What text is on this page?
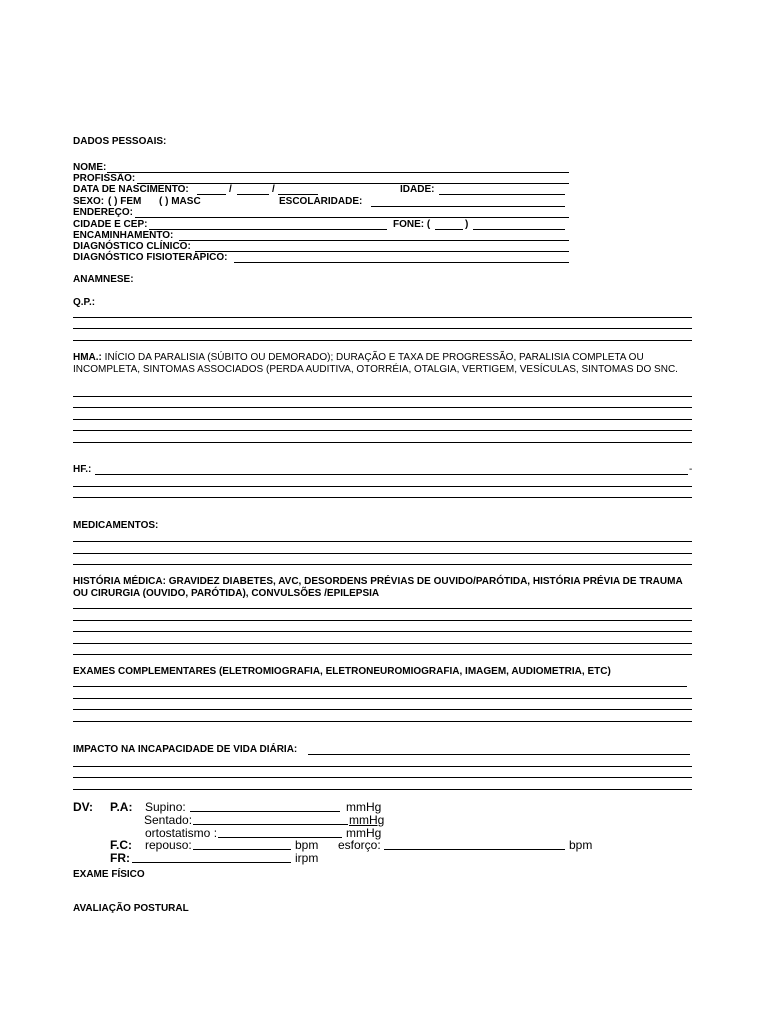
DADOS PESSOAIS:
NOME:
PROFISSÃO:
DATA DE NASCIMENTO:	/	/	IDADE:
SEXO: ( ) FEM ( ) MASC	ESCOLARIDADE:
ENDEREÇO:
CIDADE E CEP:	FONE: (	)
ENCAMINHAMENTO:
DIAGNÓSTICO CLÍNICO:
DIAGNÓSTICO FISIOTERÁPICO:
ANAMNESE:
Q.P.:
HMA.: INÍCIO DA PARALISIA (SÚBITO OU DEMORADO); DURAÇÃO E TAXA DE PROGRESSÃO, PARALISIA COMPLETA OU INCOMPLETA, SINTOMAS ASSOCIADOS (PERDA AUDITIVA, OTORRÉIA, OTALGIA, VERTIGEM, VESÍCULAS, SINTOMAS DO SNC.
HF.:	-
MEDICAMENTOS:
HISTÓRIA MÉDICA: GRAVIDEZ DIABETES, AVC, DESORDENS PRÉVIAS DE OUVIDO/PARÓTIDA, HISTÓRIA PRÉVIA DE TRAUMA OU CIRURGIA (OUVIDO, PARÓTIDA), CONVULSÕES /EPILEPSIA
EXAMES COMPLEMENTARES (ELETROMIOGRAFIA, ELETRONEUROMIOGRAFIA, IMAGEM, AUDIOMETRIA, ETC)
IMPACTO NA INCAPACIDADE DE VIDA DIÁRIA:
DV: P.A: Supino:	mmHg
Sentado:	mmHg
ortostatismo :	mmHg
F.C: repouso:	bpm esforço:	bpm
FR:	irpm
EXAME FÍSICO
AVALIAÇÃO POSTURAL
